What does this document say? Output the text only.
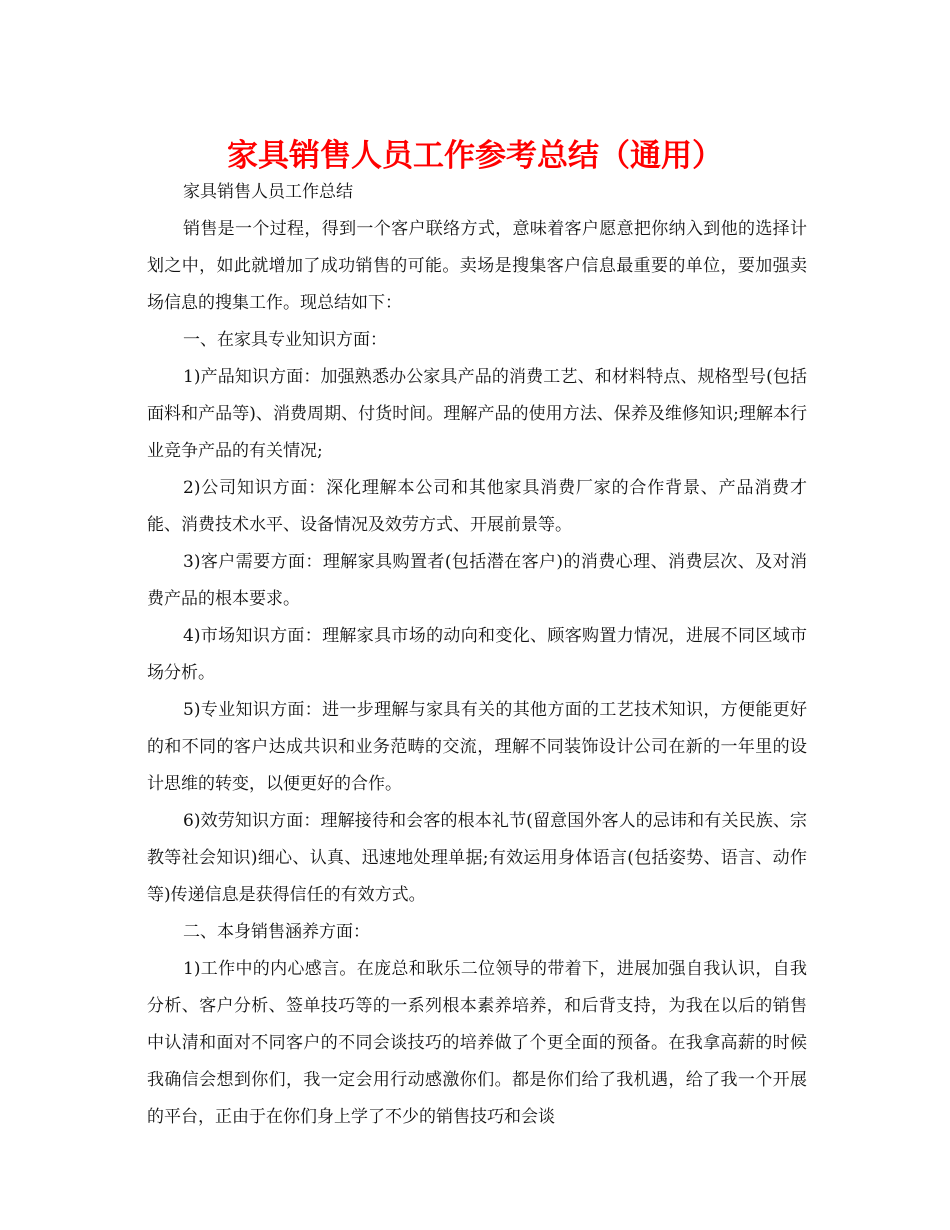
家具销售人员工作参考总结（通用）

家具销售人员工作总结

销售是一个过程，得到一个客户联络方式，意味着客户愿意把你纳入到他的选择计划之中，如此就增加了成功销售的可能。卖场是搜集客户信息最重要的单位，要加强卖场信息的搜集工作。现总结如下：

一、在家具专业知识方面：

1)产品知识方面：加强熟悉办公家具产品的消费工艺、和材料特点、规格型号(包括面料和产品等)、消费周期、付货时间。理解产品的使用方法、保养及维修知识;理解本行业竞争产品的有关情况;

2)公司知识方面：深化理解本公司和其他家具消费厂家的合作背景、产品消费才能、消费技术水平、设备情况及效劳方式、开展前景等。

3)客户需要方面：理解家具购置者(包括潜在客户)的消费心理、消费层次、及对消费产品的根本要求。

4)市场知识方面：理解家具市场的动向和变化、顾客购置力情况，进展不同区域市场分析。

5)专业知识方面：进一步理解与家具有关的其他方面的工艺技术知识，方便能更好的和不同的客户达成共识和业务范畴的交流，理解不同装饰设计公司在新的一年里的设计思维的转变，以便更好的合作。

6)效劳知识方面：理解接待和会客的根本礼节(留意国外客人的忌讳和有关民族、宗教等社会知识)细心、认真、迅速地处理单据;有效运用身体语言(包括姿势、语言、动作等)传递信息是获得信任的有效方式。

二、本身销售涵养方面：

1)工作中的内心感言。在庞总和耿乐二位领导的带着下，进展加强自我认识，自我分析、客户分析、签单技巧等的一系列根本素养培养，和后背支持，为我在以后的销售中认清和面对不同客户的不同会谈技巧的培养做了个更全面的预备。在我拿高薪的时候我确信会想到你们，我一定会用行动感激你们。都是你们给了我机遇，给了我一个开展的平台，正由于在你们身上学了不少的销售技巧和会谈
